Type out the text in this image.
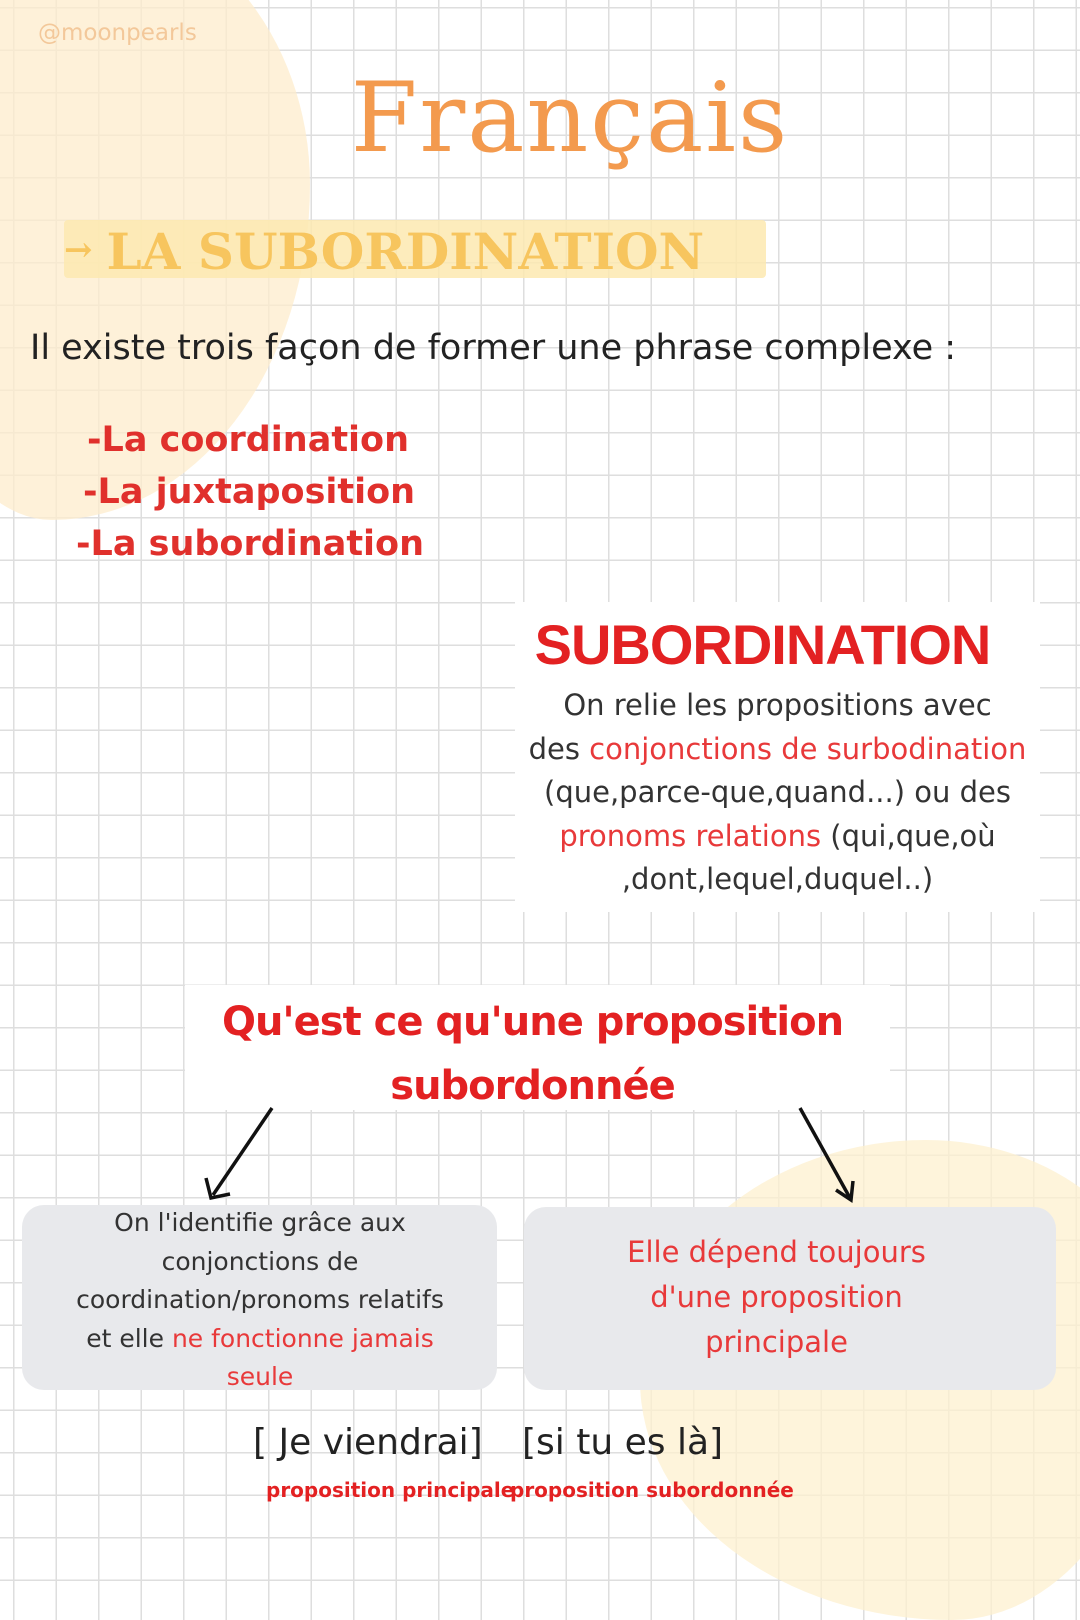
@moonpearls
Français
→ LA SUBORDINATION
Il existe trois façon de former une phrase complexe :
-La coordination
-La juxtaposition
-La subordination
SUBORDINATION
On relie les propositions avec
des conjonctions de surbodination
(que,parce-que,quand...) ou des
pronoms relations (qui,que,où
,dont,lequel,duquel..)
Qu'est ce qu'une proposition
subordonnée
On l'identifie grâce aux
conjonctions de
coordination/pronoms relatifs
et elle ne fonctionne jamais
seule
Elle dépend toujours
d'une proposition
principale
[ Je viendrai] [si tu es là]
proposition principale
proposition subordonnée
